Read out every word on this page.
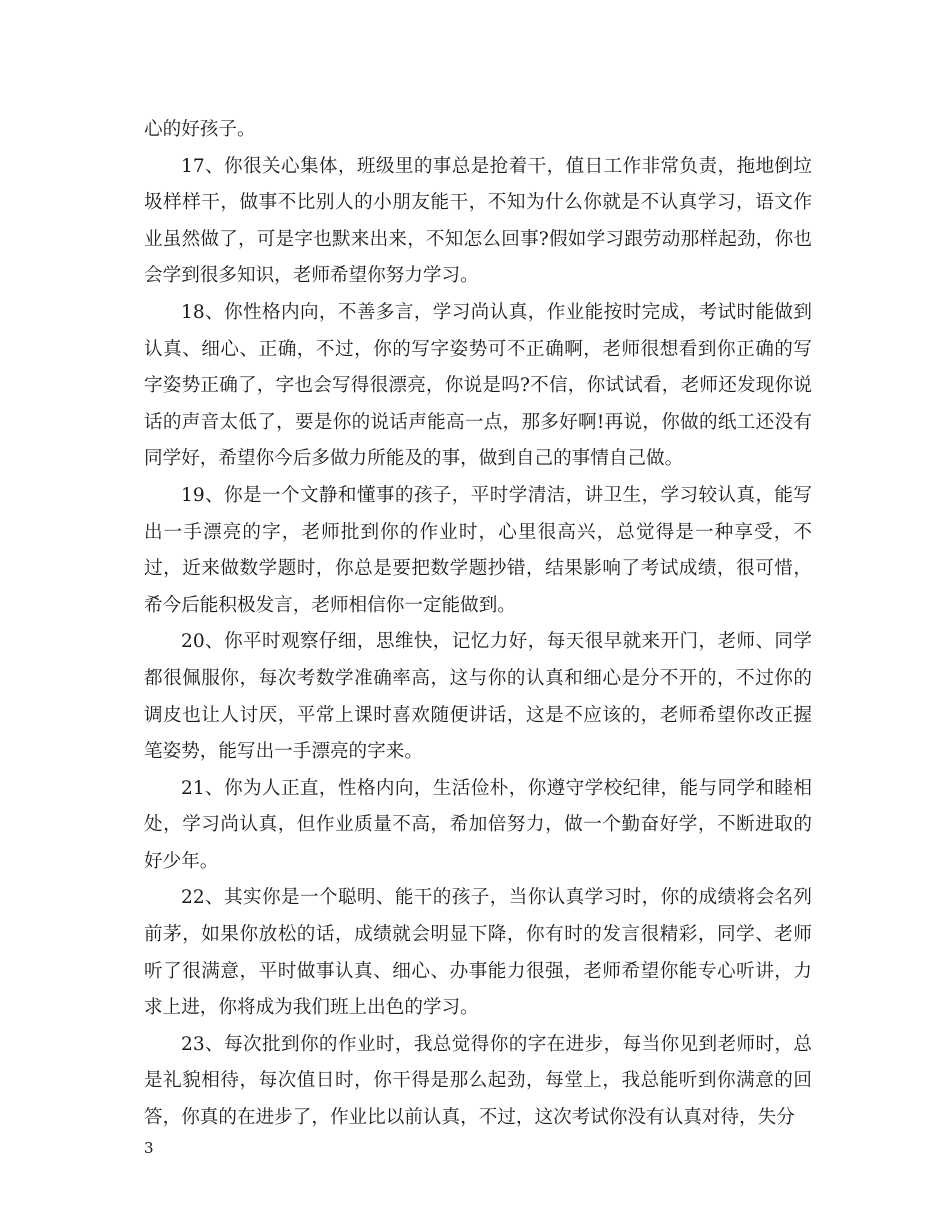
心的好孩子。

17、你很关心集体，班级里的事总是抢着干，值日工作非常负责，拖地倒垃圾样样干，做事不比别人的小朋友能干，不知为什么你就是不认真学习，语文作业虽然做了，可是字也默来出来，不知怎么回事?假如学习跟劳动那样起劲，你也会学到很多知识，老师希望你努力学习。

18、你性格内向，不善多言，学习尚认真，作业能按时完成，考试时能做到认真、细心、正确，不过，你的写字姿势可不正确啊，老师很想看到你正确的写字姿势正确了，字也会写得很漂亮，你说是吗?不信，你试试看，老师还发现你说话的声音太低了，要是你的说话声能高一点，那多好啊!再说，你做的纸工还没有同学好，希望你今后多做力所能及的事，做到自己的事情自己做。

19、你是一个文静和懂事的孩子，平时学清洁，讲卫生，学习较认真，能写出一手漂亮的字，老师批到你的作业时，心里很高兴，总觉得是一种享受，不过，近来做数学题时，你总是要把数学题抄错，结果影响了考试成绩，很可惜，希今后能积极发言，老师相信你一定能做到。

20、你平时观察仔细，思维快，记忆力好，每天很早就来开门，老师、同学都很佩服你，每次考数学准确率高，这与你的认真和细心是分不开的，不过你的调皮也让人讨厌，平常上课时喜欢随便讲话，这是不应该的，老师希望你改正握笔姿势，能写出一手漂亮的字来。

21、你为人正直，性格内向，生活俭朴，你遵守学校纪律，能与同学和睦相处，学习尚认真，但作业质量不高，希加倍努力，做一个勤奋好学，不断进取的好少年。

22、其实你是一个聪明、能干的孩子，当你认真学习时，你的成绩将会名列前茅，如果你放松的话，成绩就会明显下降，你有时的发言很精彩，同学、老师听了很满意，平时做事认真、细心、办事能力很强，老师希望你能专心听讲，力求上进，你将成为我们班上出色的学习。

23、每次批到你的作业时，我总觉得你的字在进步，每当你见到老师时，总是礼貌相待，每次值日时，你干得是那么起劲，每堂上，我总能听到你满意的回答，你真的在进步了，作业比以前认真，不过，这次考试你没有认真对待，失分

3
